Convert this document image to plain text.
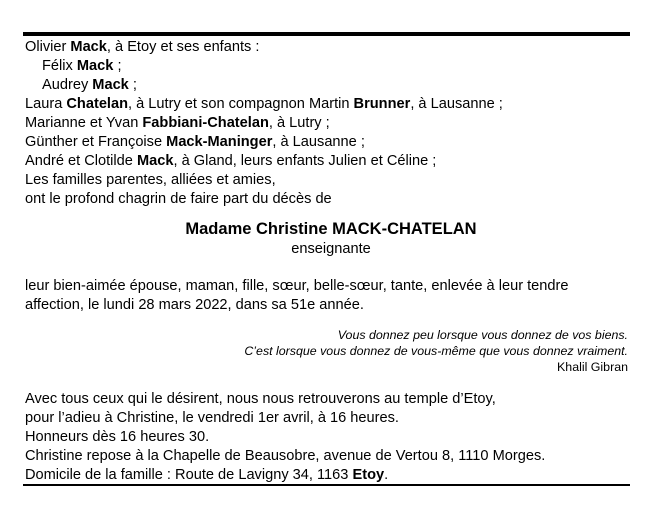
Olivier Mack, à Etoy et ses enfants :
Félix Mack ;
Audrey Mack ;
Laura Chatelan, à Lutry et son compagnon Martin Brunner, à Lausanne ;
Marianne et Yvan Fabbiani-Chatelan, à Lutry ;
Günther et Françoise Mack-Maninger, à Lausanne ;
André et Clotilde Mack, à Gland, leurs enfants Julien et Céline ;
Les familles parentes, alliées et amies,
ont le profond chagrin de faire part du décès de
Madame Christine MACK-CHATELAN
enseignante
leur bien-aimée épouse, maman, fille, sœur, belle-sœur, tante, enlevée à leur tendre
affection, le lundi 28 mars 2022, dans sa 51e année.
Vous donnez peu lorsque vous donnez de vos biens.
C’est lorsque vous donnez de vous-même que vous donnez vraiment.
Khalil Gibran
Avec tous ceux qui le désirent, nous nous retrouverons au temple d’Etoy,
pour l’adieu à Christine, le vendredi 1er avril, à 16 heures.
Honneurs dès 16 heures 30.
Christine repose à la Chapelle de Beausobre, avenue de Vertou 8, 1110 Morges.
Domicile de la famille : Route de Lavigny 34, 1163 Etoy.
